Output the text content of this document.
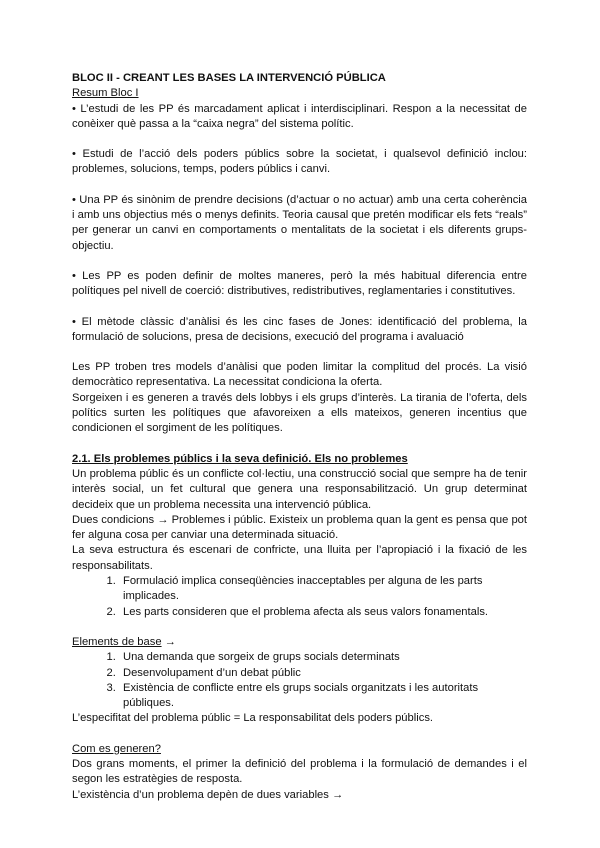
BLOC II - CREANT LES BASES LA INTERVENCIÓ PÚBLICA

Resum Bloc I

• L’estudi de les PP és marcadament aplicat i interdisciplinari. Respon a la necessitat de conèixer què passa a la “caixa negra” del sistema polític.

• Estudi de l’acció dels poders públics sobre la societat, i qualsevol definició inclou: problemes, solucions, temps, poders públics i canvi.

• Una PP és sinònim de prendre decisions (d’actuar o no actuar) amb una certa coherència i amb uns objectius més o menys definits. Teoria causal que pretén modificar els fets “reals” per generar un canvi en comportaments o mentalitats de la societat i els diferents grups-objectiu.

• Les PP es poden definir de moltes maneres, però la més habitual diferencia entre polítiques pel nivell de coerció: distributives, redistributives, reglamentaries i constitutives.

• El mètode clàssic d’anàlisi és les cinc fases de Jones: identificació del problema, la formulació de solucions, presa de decisions, execució del programa i avaluació

Les PP troben tres models d’anàlisi que poden limitar la complitud del procés. La visió democràtico representativa. La necessitat condiciona la oferta.

Sorgeixen i es generen a través dels lobbys i els grups d’interès. La tirania de l’oferta, dels polítics surten les polítiques que afavoreixen a ells mateixos, generen incentius que condicionen el sorgiment de les polítiques.

2.1. Els problemes públics i la seva definició. Els no problemes

Un problema públic és un conflicte col·lectiu, una construcció social que sempre ha de tenir interès social, un fet cultural que genera una responsabilització. Un grup determinat decideix que un problema necessita una intervenció pública.

Dues condicions → Problemes i públic. Existeix un problema quan la gent es pensa que pot fer alguna cosa per canviar una determinada situació.

La seva estructura és escenari de confricte, una lluita per l’apropiació i la fixació de les responsabilitats.

1. Formulació implica conseqüències inacceptables per alguna de les parts implicades.
2. Les parts consideren que el problema afecta als seus valors fonamentals.

Elements de base →

1. Una demanda que sorgeix de grups socials determinats
2. Desenvolupament d’un debat públic
3. Existència de conflicte entre els grups socials organitzats i les autoritats públiques.

L’especifitat del problema públic = La responsabilitat dels poders públics.

Com es generen?

Dos grans moments, el primer la definició del problema i la formulació de demandes i el segon les estratègies de resposta.

L’existència d’un problema depèn de dues variables →
